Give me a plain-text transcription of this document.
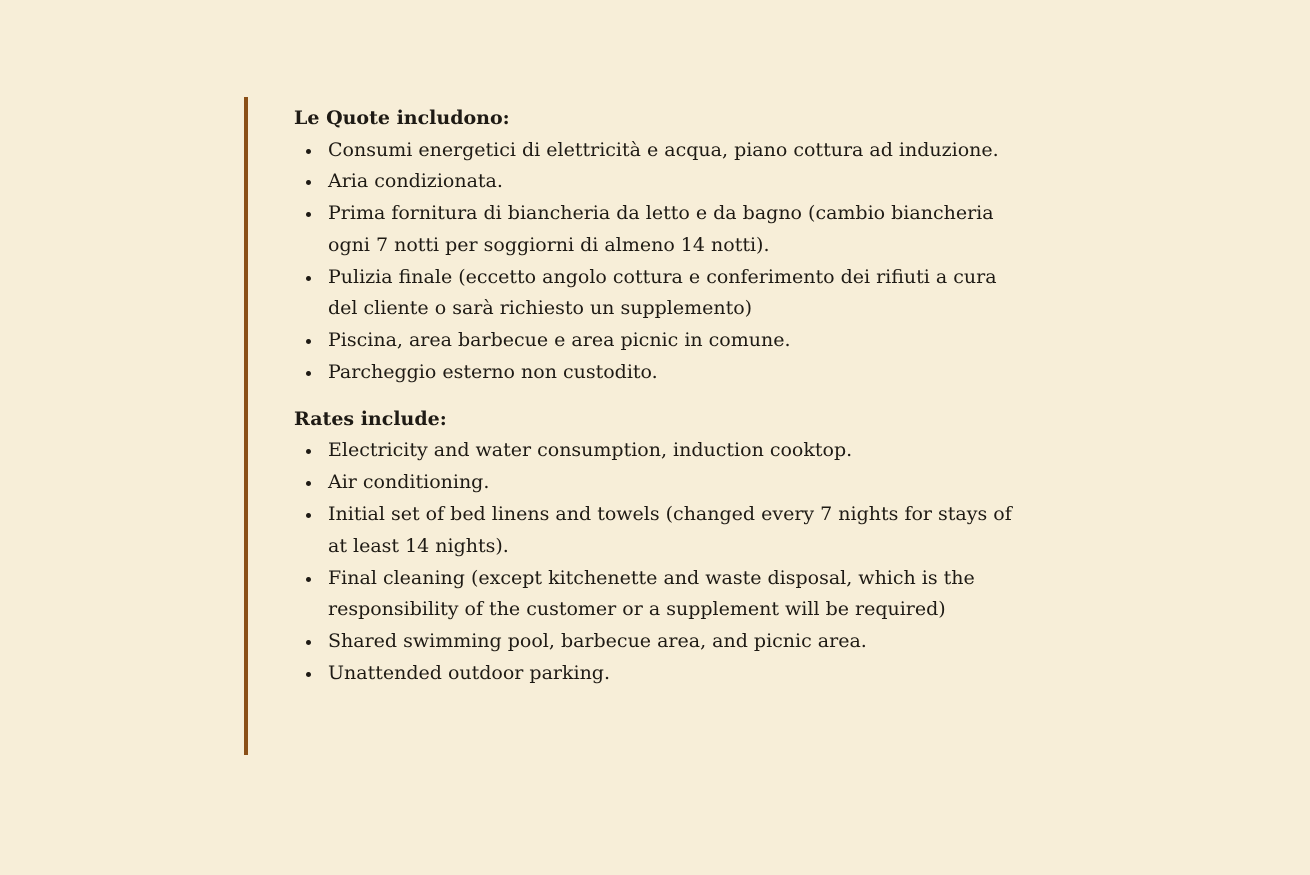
Le Quote includono:

Consumi energetici di elettricità e acqua, piano cottura ad induzione.
Aria condizionata.
Prima fornitura di biancheria da letto e da bagno (cambio biancheria ogni 7 notti per soggiorni di almeno 14 notti).
Pulizia finale (eccetto angolo cottura e conferimento dei rifiuti a cura del cliente o sarà richiesto un supplemento)
Piscina, area barbecue e area picnic in comune.
Parcheggio esterno non custodito.

Rates include:

Electricity and water consumption, induction cooktop.
Air conditioning.
Initial set of bed linens and towels (changed every 7 nights for stays of at least 14 nights).
Final cleaning (except kitchenette and waste disposal, which is the responsibility of the customer or a supplement will be required)
Shared swimming pool, barbecue area, and picnic area.
Unattended outdoor parking.
